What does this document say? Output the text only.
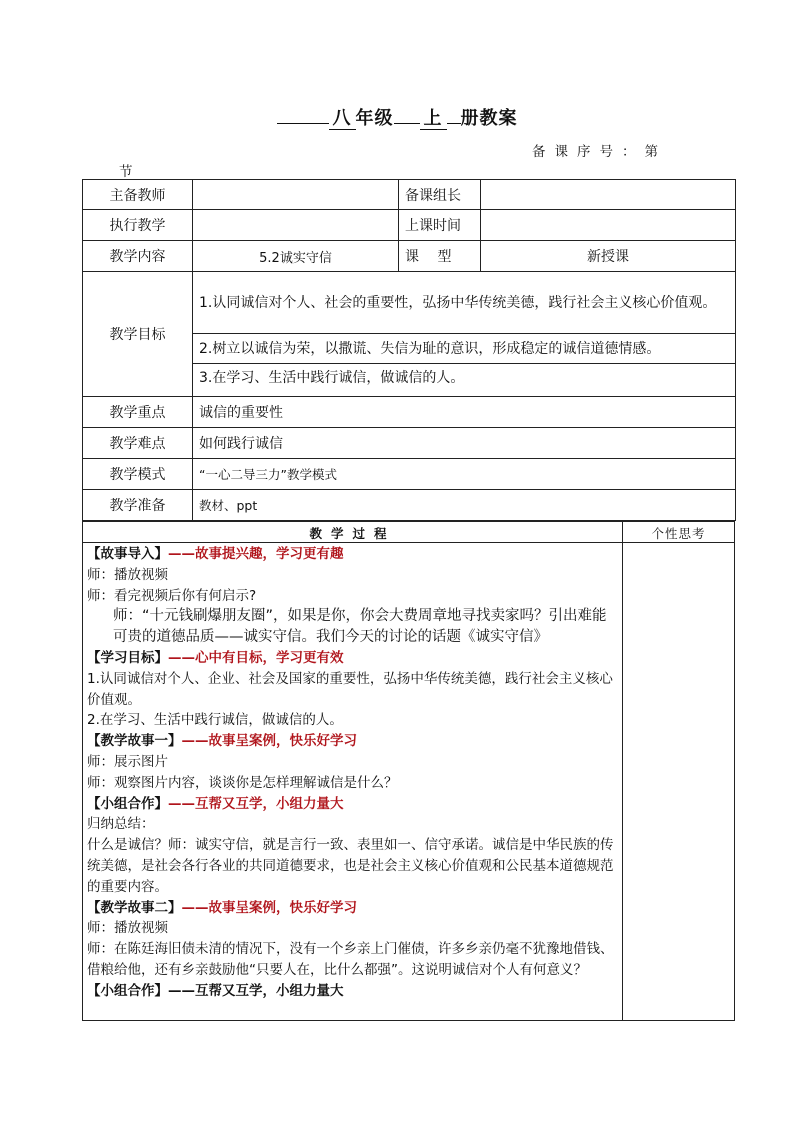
八 年级 上 册教案
备课序号：第
节
主备教师		备课组长	
执行教学		上课时间	
教学内容	5.2诚实守信	课　 型	新授课
教学目标	1.认同诚信对个人、社会的重要性，弘扬中华传统美德，践行社会主义核心价值观。		
	2.树立以诚信为荣，以撒谎、失信为耻的意识，形成稳定的诚信道德情感。		
	3.在学习、生活中践行诚信，做诚信的人。		
教学重点	诚信的重要性		
教学难点	如何践行诚信		
教学模式	“一心二导三力”教学模式		
教学准备	教材、ppt		
教学过程	个性思考

【故事导入】——故事提兴趣，学习更有趣

师：播放视频

师：看完视频后你有何启示?

师：“十元钱刷爆朋友圈”，如果是你，你会大费周章地寻找卖家吗？引出难能可贵的道德品质——诚实守信。我们今天的讨论的话题《诚实守信》

【学习目标】——心中有目标，学习更有效

1.认同诚信对个人、企业、社会及国家的重要性，弘扬中华传统美德，践行社会主义核心价值观。

2.在学习、生活中践行诚信，做诚信的人。

【教学故事一】——故事呈案例，快乐好学习

师：展示图片

师：观察图片内容，谈谈你是怎样理解诚信是什么？

【小组合作】——互帮又互学，小组力量大

归纳总结：

什么是诚信？师：诚实守信，就是言行一致、表里如一、信守承诺。诚信是中华民族的传统美德，是社会各行各业的共同道德要求，也是社会主义核心价值观和公民基本道德规范的重要内容。

【教学故事二】——故事呈案例，快乐好学习

师：播放视频

师：在陈廷海旧债未清的情况下，没有一个乡亲上门催债，许多乡亲仍毫不犹豫地借钱、借粮给他，还有乡亲鼓励他“只要人在，比什么都强”。这说明诚信对个人有何意义？

【小组合作】——互帮又互学，小组力量大
